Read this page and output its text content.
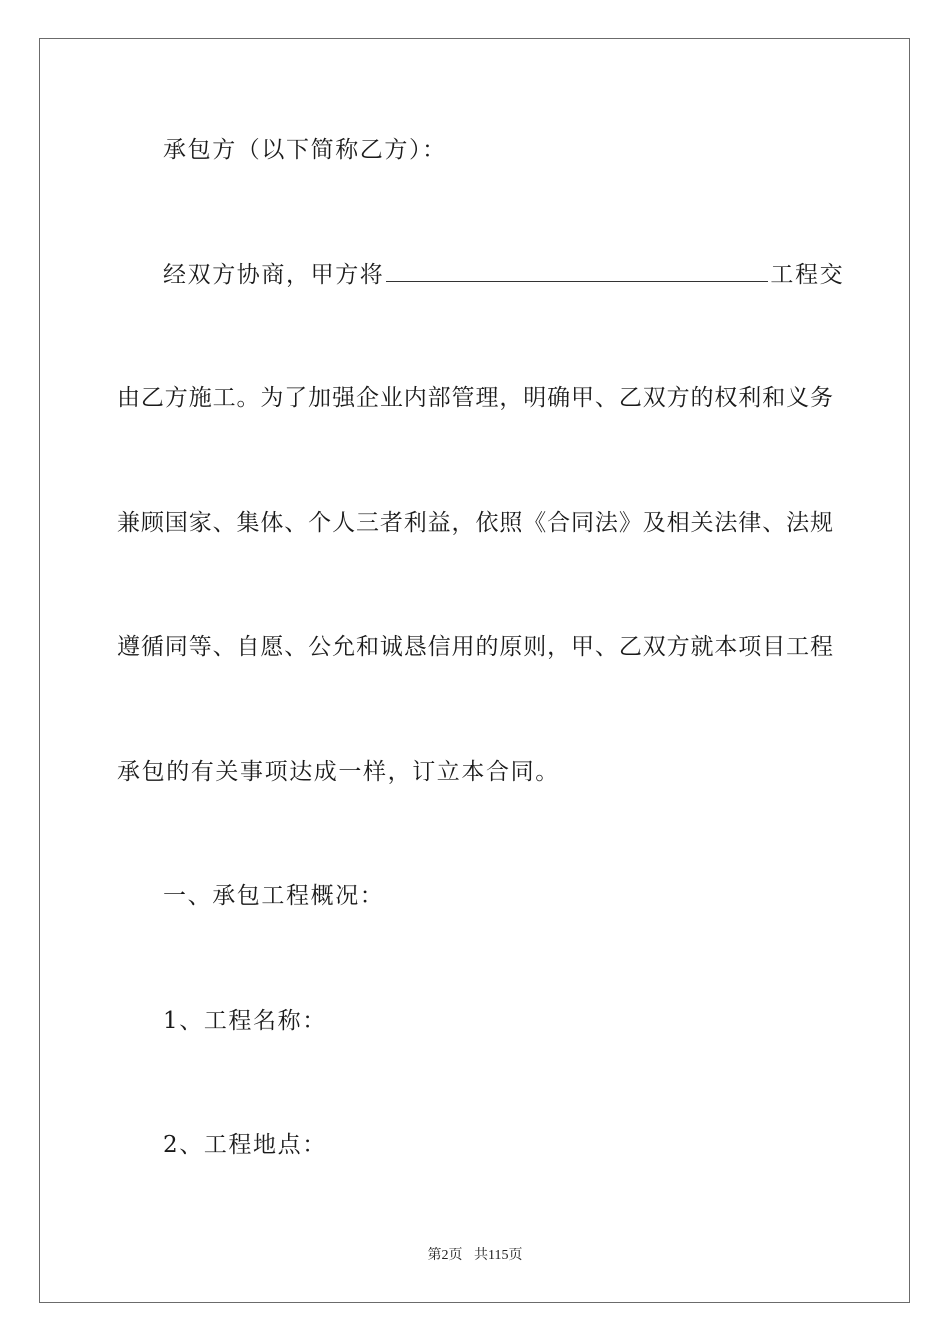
承包方（以下简称乙方）：
经双方协商，甲方将	工程交
由乙方施工。为了加强企业内部管理，明确甲、乙双方的权利和义务
兼顾国家、集体、个人三者利益，依照《合同法》及相关法律、法规
遵循同等、自愿、公允和诚恳信用的原则，甲、乙双方就本项目工程
承包的有关事项达成一样，订立本合同。
一、承包工程概况：
1、工程名称：
2、工程地点：
第2页 共115页
